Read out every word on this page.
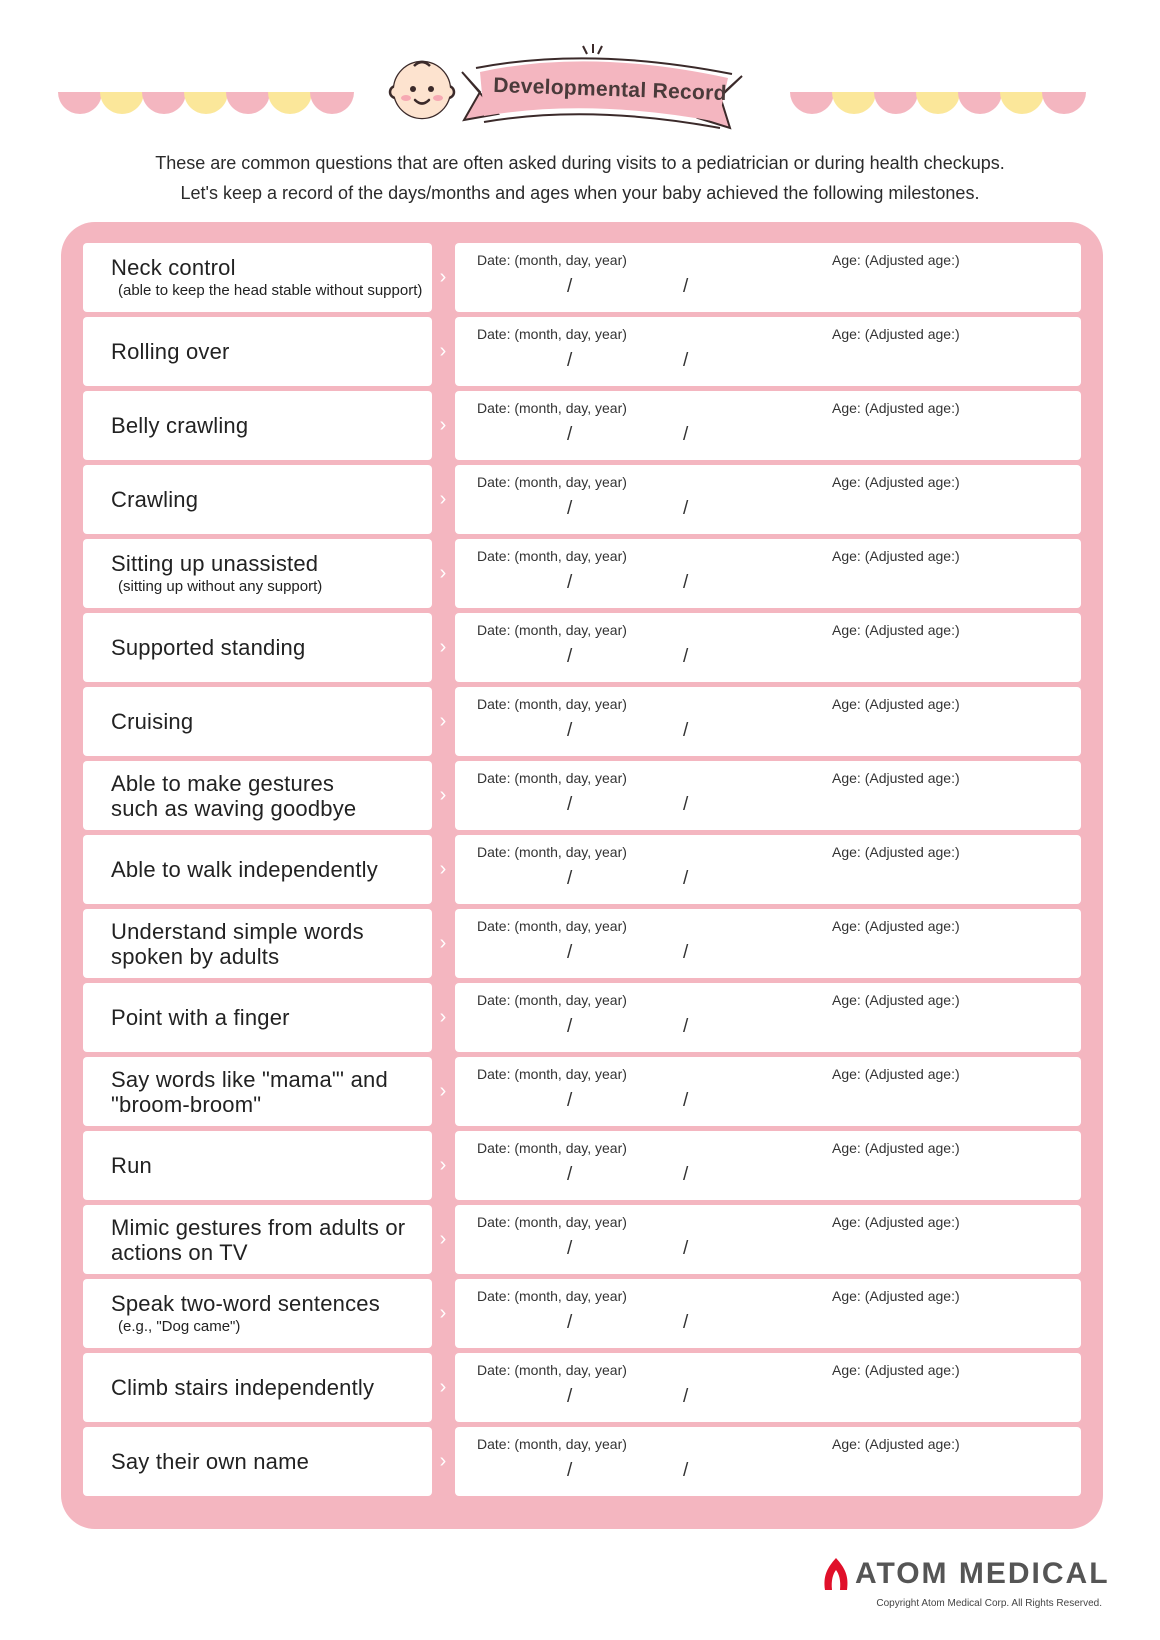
Developmental Record
These are common questions that are often asked during visits to a pediatrician or during health checkups.
Let's keep a record of the days/months and ages when your baby achieved the following milestones.
Neck control
(able to keep the head stable without support)
›
Date: (month, day, year)
/	/
Age: (Adjusted age:)
Rolling over	›
Date: (month, day, year)
/	/
Age: (Adjusted age:)
Belly crawling	›
Date: (month, day, year)
/	/
Age: (Adjusted age:)
Crawling	›
Date: (month, day, year)
/	/
Age: (Adjusted age:)
Sitting up unassisted
(sitting up without any support)
›
Date: (month, day, year)
/	/
Age: (Adjusted age:)
Supported standing	›
Date: (month, day, year)
/	/
Age: (Adjusted age:)
Cruising	›
Date: (month, day, year)
/	/
Age: (Adjusted age:)
Able to make gestures such as waving goodbye
›
Date: (month, day, year)
/	/
Age: (Adjusted age:)
Able to walk independently	›
Date: (month, day, year)
/	/
Age: (Adjusted age:)
Understand simple words spoken by adults
›
Date: (month, day, year)
/	/
Age: (Adjusted age:)
Point with a finger	›
Date: (month, day, year)
/	/
Age: (Adjusted age:)
Say words like "mama"' and "broom-broom"
›
Date: (month, day, year)
/	/
Age: (Adjusted age:)
Run	›
Date: (month, day, year)
/	/
Age: (Adjusted age:)
Mimic gestures from adults or actions on TV
›
Date: (month, day, year)
/	/
Age: (Adjusted age:)
Speak two-word sentences
(e.g., "Dog came")
›
Date: (month, day, year)
/	/
Age: (Adjusted age:)
Climb stairs independently	›
Date: (month, day, year)
/	/
Age: (Adjusted age:)
Say their own name	›
Date: (month, day, year)
/	/
Age: (Adjusted age:)
ATOM MEDICAL
Copyright Atom Medical Corp. All Rights Reserved.
